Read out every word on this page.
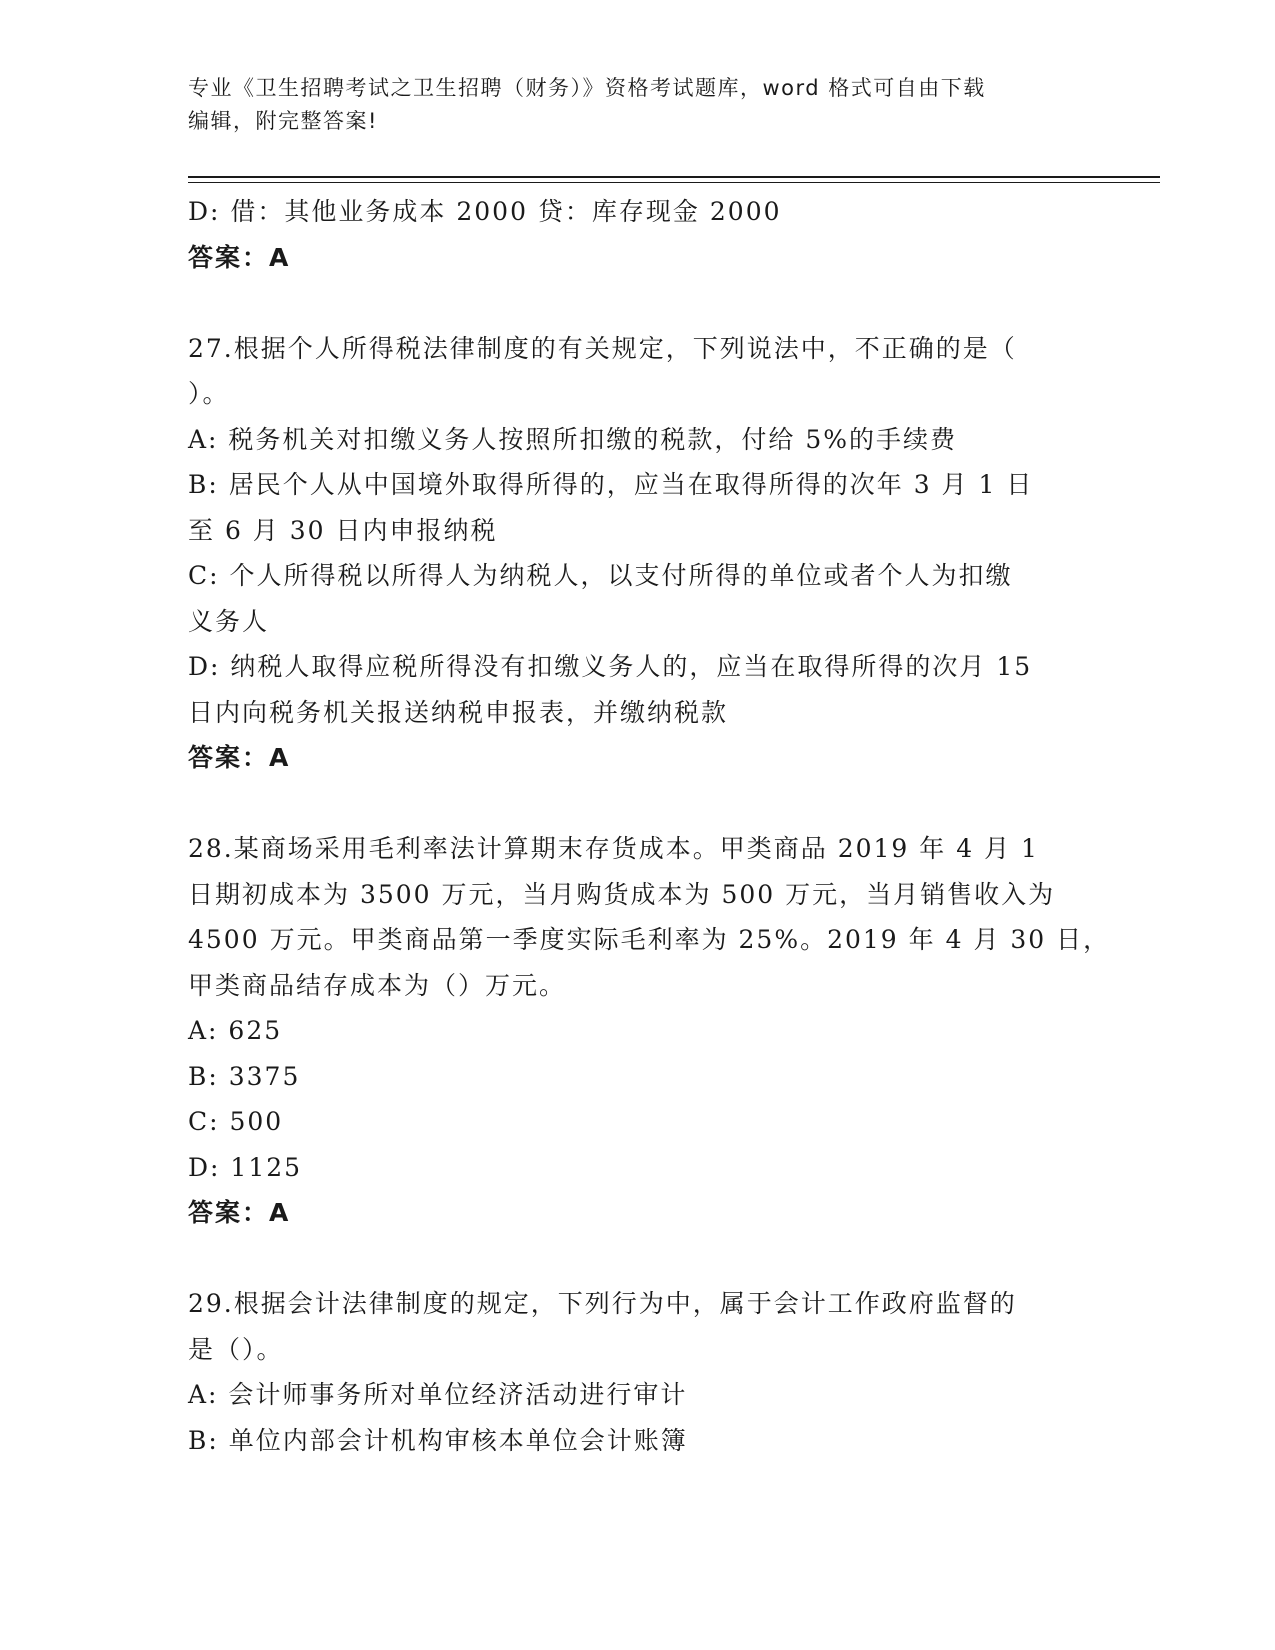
专业《卫生招聘考试之卫生招聘（财务）》资格考试题库，word 格式可自由下载
编辑，附完整答案!
D: 借：其他业务成本 2000 贷：库存现金 2000
答案：A
27.根据个人所得税法律制度的有关规定，下列说法中，不正确的是（
）。
A: 税务机关对扣缴义务人按照所扣缴的税款，付给 5%的手续费
B: 居民个人从中国境外取得所得的，应当在取得所得的次年 3 月 1 日
至 6 月 30 日内申报纳税
C: 个人所得税以所得人为纳税人，以支付所得的单位或者个人为扣缴
义务人
D: 纳税人取得应税所得没有扣缴义务人的，应当在取得所得的次月 15
日内向税务机关报送纳税申报表，并缴纳税款
答案：A
28.某商场采用毛利率法计算期末存货成本。甲类商品 2019 年 4 月 1
日期初成本为 3500 万元，当月购货成本为 500 万元，当月销售收入为
4500 万元。甲类商品第一季度实际毛利率为 25%。2019 年 4 月 30 日，
甲类商品结存成本为（）万元。
A: 625
B: 3375
C: 500
D: 1125
答案：A
29.根据会计法律制度的规定，下列行为中，属于会计工作政府监督的
是（）。
A: 会计师事务所对单位经济活动进行审计
B: 单位内部会计机构审核本单位会计账簿
